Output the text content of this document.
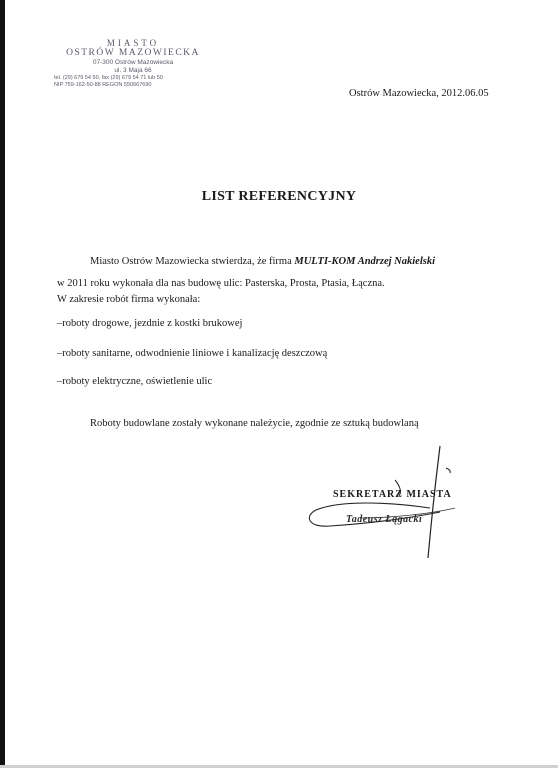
MIASTO
OSTRÓW MAZOWIECKA
07-300 Ostrów Mazowiecka
ul. 3 Maja 66
tel. (29) 679 54 50, fax (29) 679 54 71 lub 50
NIP 759-162-50-88 REGON 550667690
Ostrów Mazowiecka, 2012.06.05
LIST REFERENCYJNY
Miasto Ostrów Mazowiecka stwierdza, że firma MULTI-KOM Andrzej Nakielski
w 2011 roku wykonała dla nas budowę ulic: Pasterska, Prosta, Ptasia, Łączna.
W zakresie robót firma wykonała:
–roboty drogowe, jezdnie z kostki brukowej
–roboty sanitarne, odwodnienie liniowe i kanalizację deszczową
–roboty elektryczne, oświetlenie ulic
Roboty budowlane zostały wykonane należycie, zgodnie ze sztuką budowlaną
SEKRETARZ MIASTA
Tadeusz Łągacki
